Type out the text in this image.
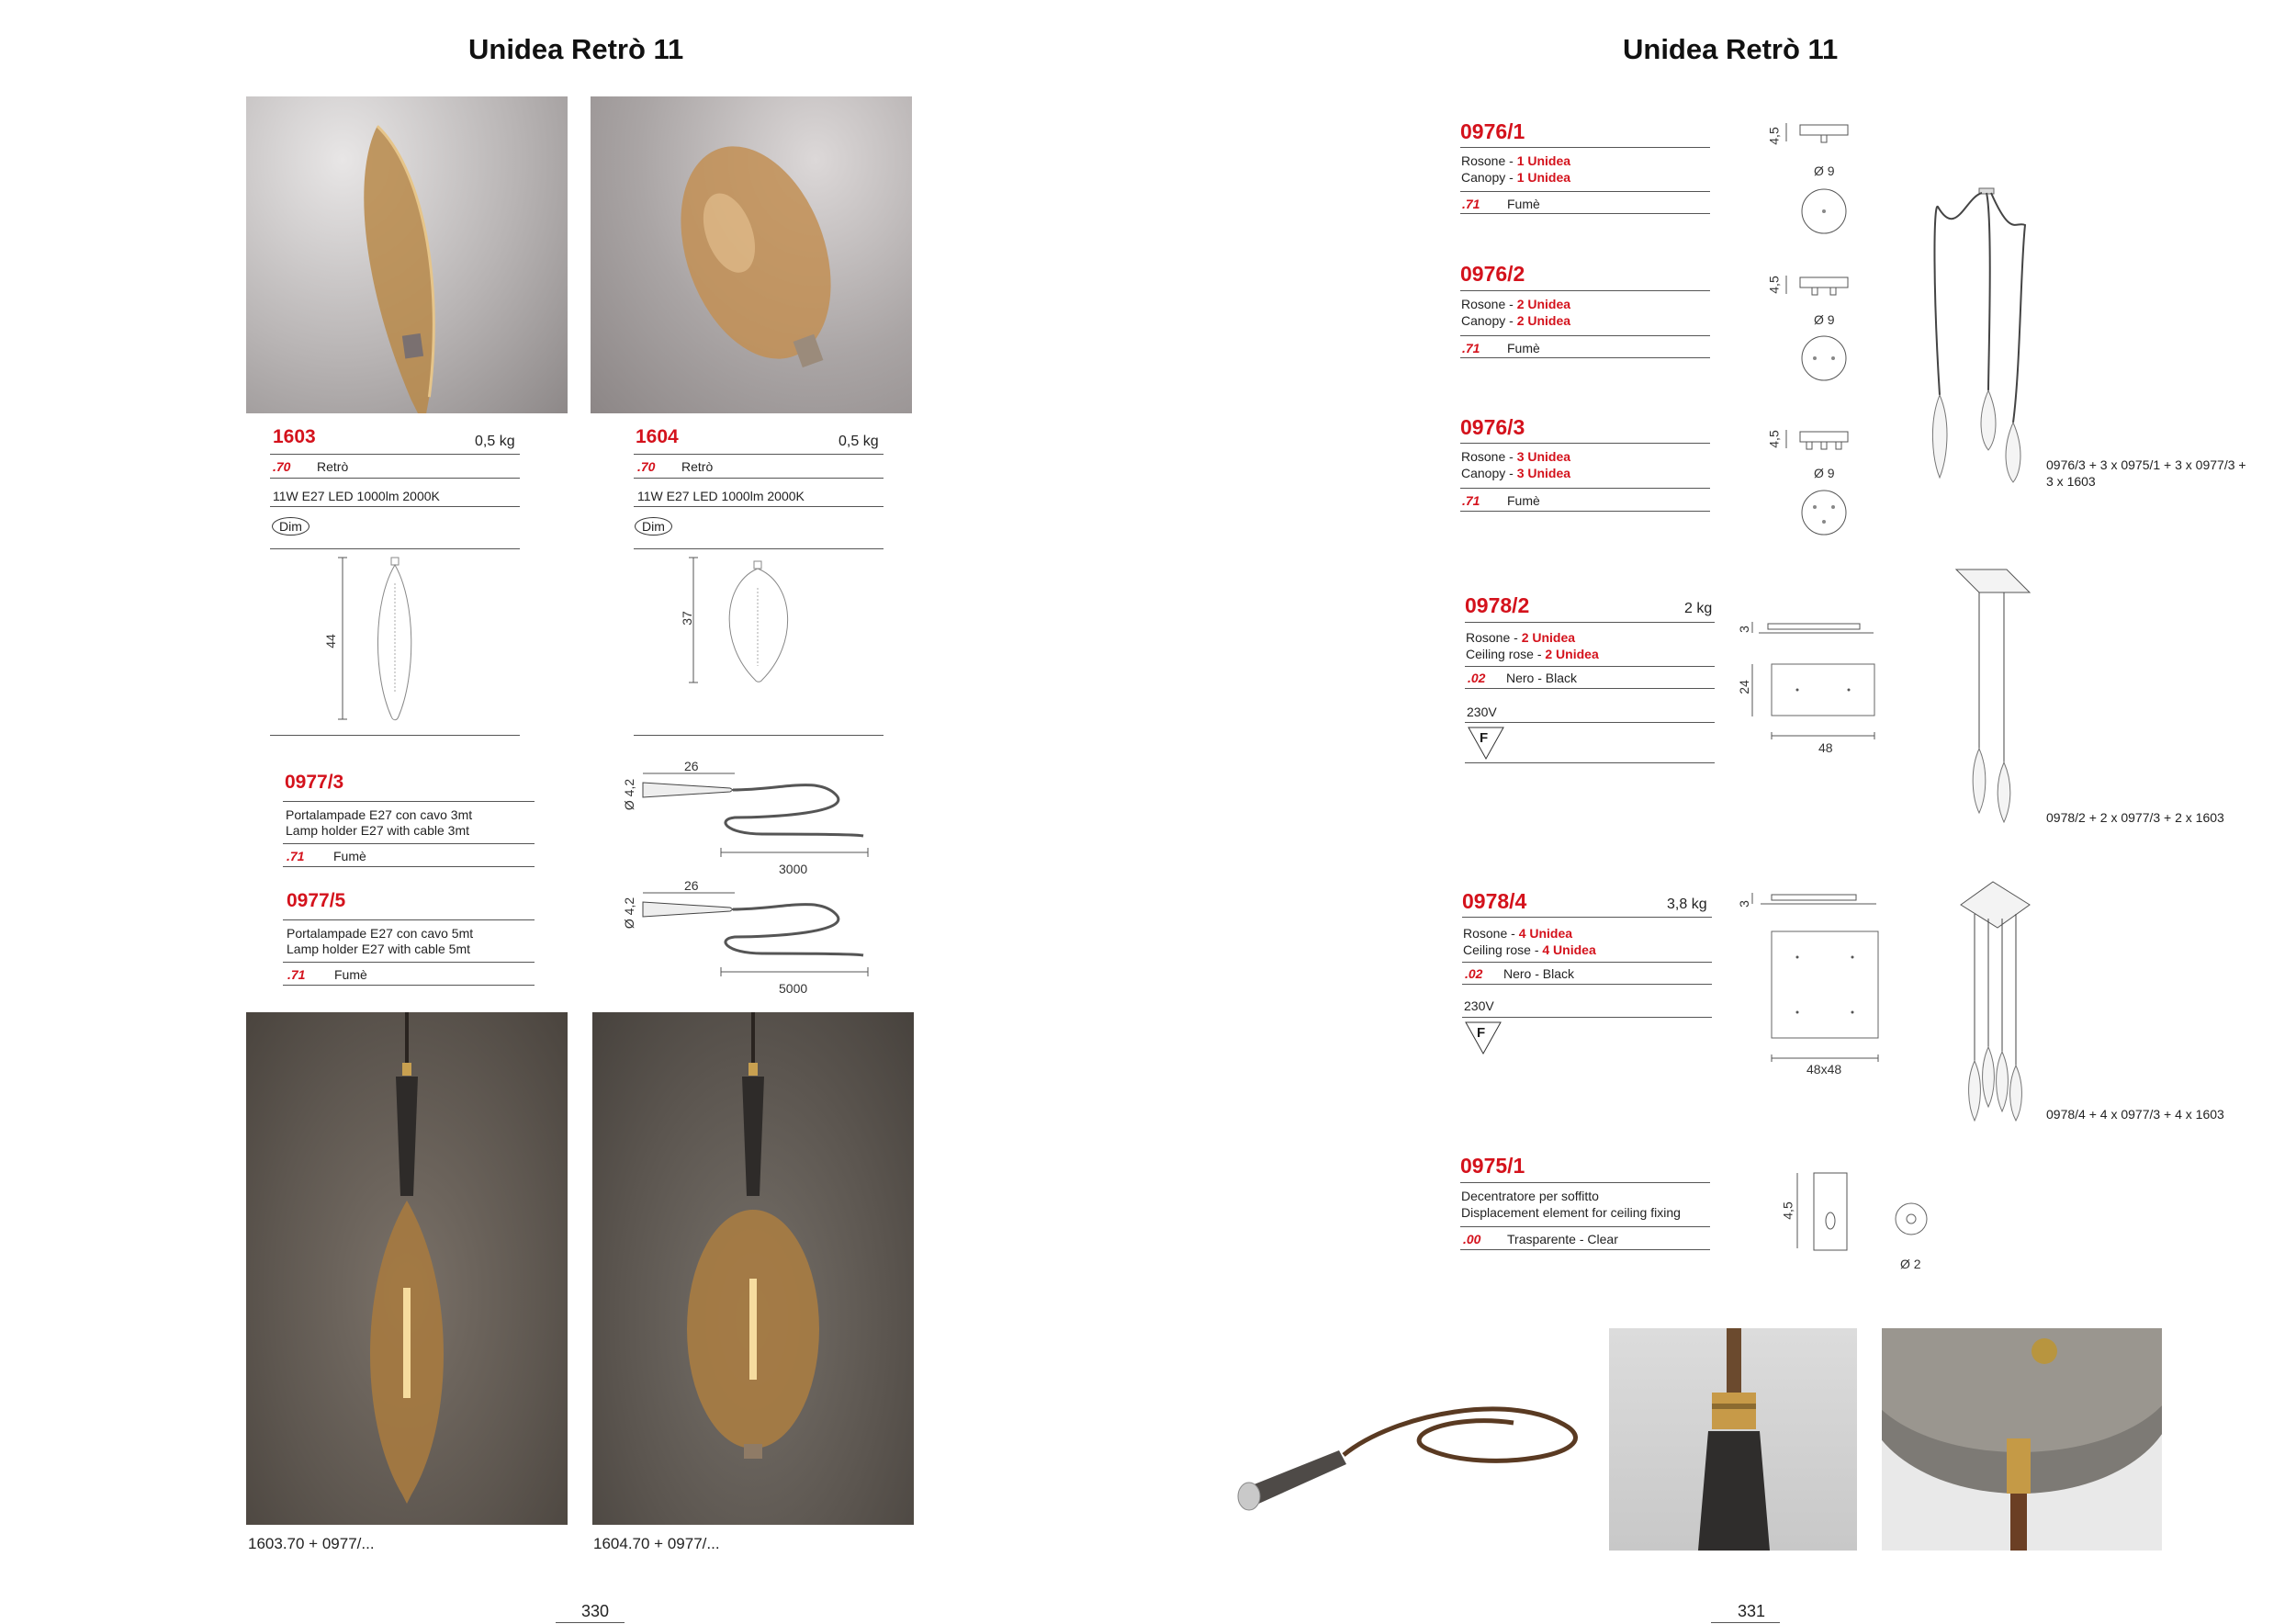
Unidea Retrò 11
1603	0,5 kg
.70 Retrò
11W E27 LED 1000lm 2000K
Dim
44
1604	0,5 kg
.70 Retrò
11W E27 LED 1000lm 2000K
Dim
37
0977/3
Portalampade E27 con cavo 3mt
Lamp holder E27 with cable 3mt
.71 Fumè
0977/5
Portalampade E27 con cavo 5mt
Lamp holder E27 with cable 5mt
.71 Fumè
Ø 4,2
26
3000
Ø 4,2
26
5000
1603.70 + 0977/...	1604.70 + 0977/...
330
Unidea Retrò 11
0976/1
Rosone - 1 Unidea
Canopy - 1 Unidea
.71 Fumè
0976/2
Rosone - 2 Unidea
Canopy - 2 Unidea
.71 Fumè
0976/3
Rosone - 3 Unidea
Canopy - 3 Unidea
.71 Fumè
4,5
Ø 9
4,5
Ø 9
4,5
Ø 9
0976/3 + 3 x 0975/1 + 3 x 0977/3 +
3 x 1603
0978/2	2 kg
Rosone - 2 Unidea
Ceiling rose - 2 Unidea
.02 Nero - Black
230V
F
3
24
48
0978/2 + 2 x 0977/3 + 2 x 1603
0978/4	3,8 kg
Rosone - 4 Unidea
Ceiling rose - 4 Unidea
.02 Nero - Black
230V
F
3
48x48
0978/4 + 4 x 0977/3 + 4 x 1603
0975/1
Decentratore per soffitto
Displacement element for ceiling fixing
.00 Trasparente - Clear
4,5
Ø 2
331
